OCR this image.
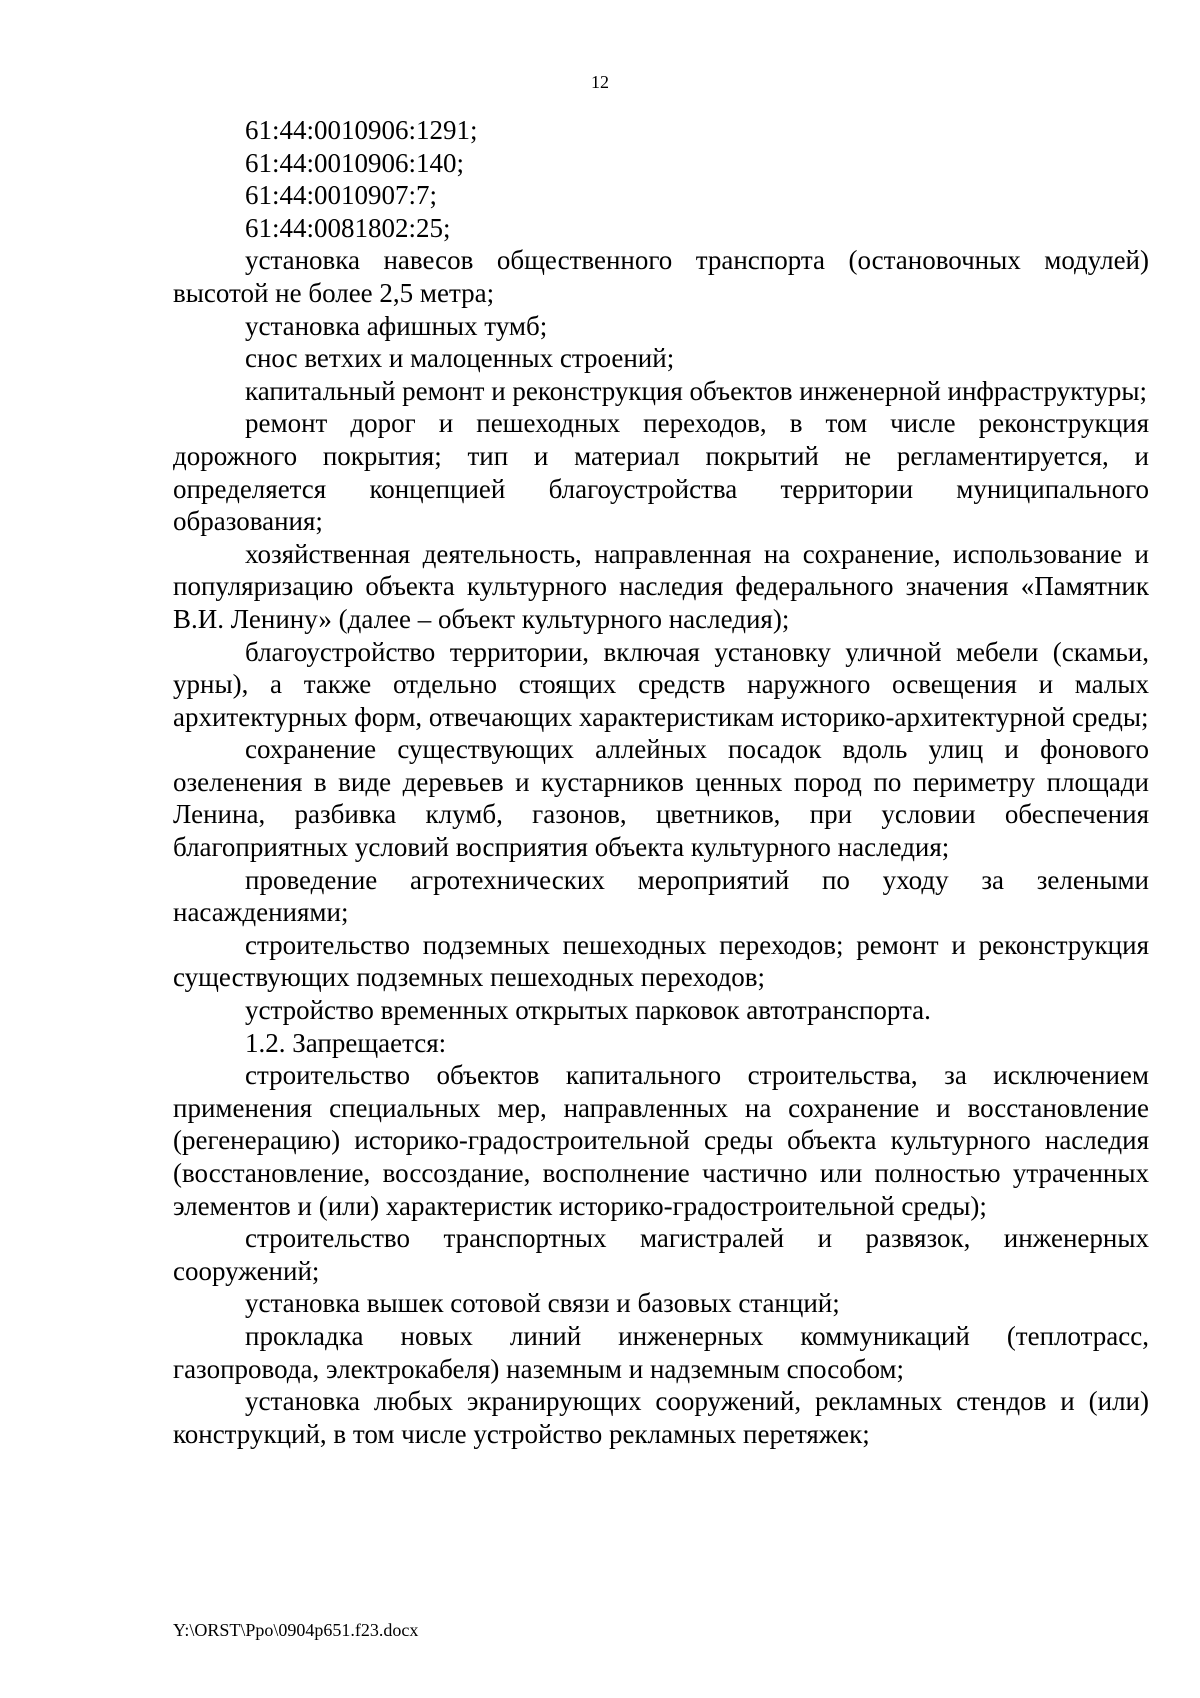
12

61:44:0010906:1291;

61:44:0010906:140;

61:44:0010907:7;

61:44:0081802:25;

установка навесов общественного транспорта (остановочных модулей) высотой не более 2,5 метра;

установка афишных тумб;

снос ветхих и малоценных строений;

капитальный ремонт и реконструкция объектов инженерной инфраструктуры;

ремонт дорог и пешеходных переходов, в том числе реконструкция дорожного покрытия; тип и материал покрытий не регламентируется, и определяется концепцией благоустройства территории муниципального образования;

хозяйственная деятельность, направленная на сохранение, использование и популяризацию объекта культурного наследия федерального значения «Памятник В.И. Ленину» (далее – объект культурного наследия);

благоустройство территории, включая установку уличной мебели (скамьи, урны), а также отдельно стоящих средств наружного освещения и малых архитектурных форм, отвечающих характеристикам историко-архитектурной среды;

сохранение существующих аллейных посадок вдоль улиц и фонового озеленения в виде деревьев и кустарников ценных пород по периметру площади Ленина, разбивка клумб, газонов, цветников, при условии обеспечения благоприятных условий восприятия объекта культурного наследия;

проведение агротехнических мероприятий по уходу за зелеными насаждениями;

строительство подземных пешеходных переходов; ремонт и реконструкция существующих подземных пешеходных переходов;

устройство временных открытых парковок автотранспорта.

1.2. Запрещается:

строительство объектов капитального строительства, за исключением применения специальных мер, направленных на сохранение и восстановление (регенерацию) историко-градостроительной среды объекта культурного наследия (восстановление, воссоздание, восполнение частично или полностью утраченных элементов и (или) характеристик историко-градостроительной среды);

строительство транспортных магистралей и развязок, инженерных сооружений;

установка вышек сотовой связи и базовых станций;

прокладка новых линий инженерных коммуникаций (теплотрасс, газопровода, электрокабеля) наземным и надземным способом;

установка любых экранирующих сооружений, рекламных стендов и (или) конструкций, в том числе устройство рекламных перетяжек;

Y:\ORST\Ppo\0904p651.f23.docx
